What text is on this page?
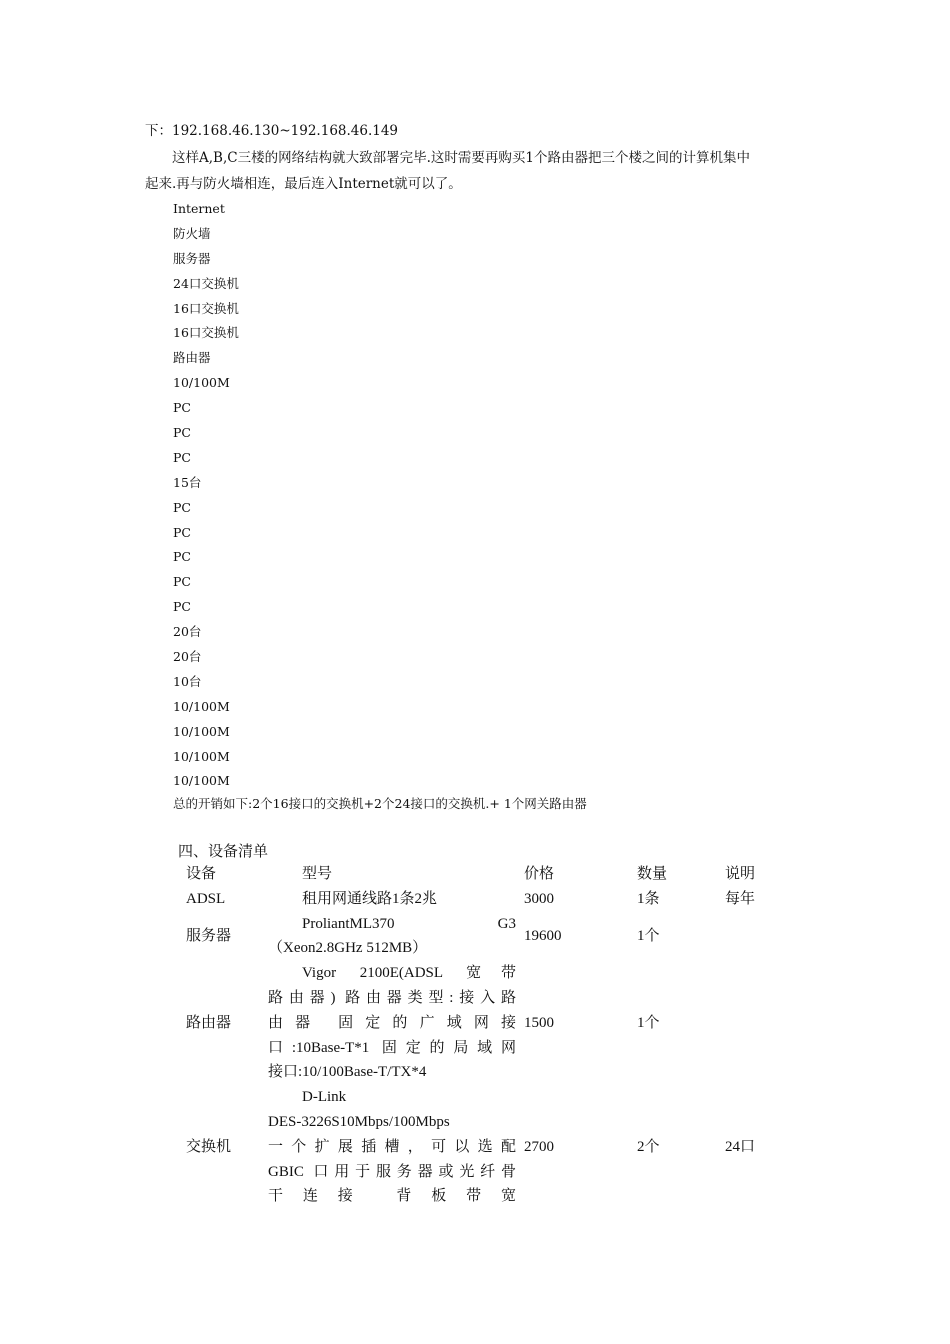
下：192.168.46.130~192.168.46.149
这样A,B,C三楼的网络结构就大致部署完毕.这时需要再购买1个路由器把三个楼之间的计算机集中
起来.再与防火墙相连，最后连入Internet就可以了。
Internet
防火墙
服务器
24口交换机
16口交换机
16口交换机
路由器
10/100M
PC
PC
PC
15台
PC
PC
PC
PC
PC
20台
20台
10台
10/100M
10/100M
10/100M
10/100M
总的开销如下:2个16接口的交换机+2个24接口的交换机.+ 1个网关路由器
四、设备清单
设备	型号	价格	数量	说明
ADSL	租用网通线路1条2兆	3000	1条	每年
服务器	ProliantML370 G3
（Xeon2.8GHz 512MB）	19600	1个	
路由器	Vigor 2100E(ADSL 宽带
路由器) 路由器类型:接入路
由器 固定的广域网接
口:10Base-T*1 固定的局域网
接口:10/100Base-T/TX*4	1500	1个	
交换机	D-Link
DES-3226S10Mbps/100Mbps
一个扩展插槽，可以选配
GBIC 口用于服务器或光纤骨
干连接 背板带宽	2700	2个	24口
